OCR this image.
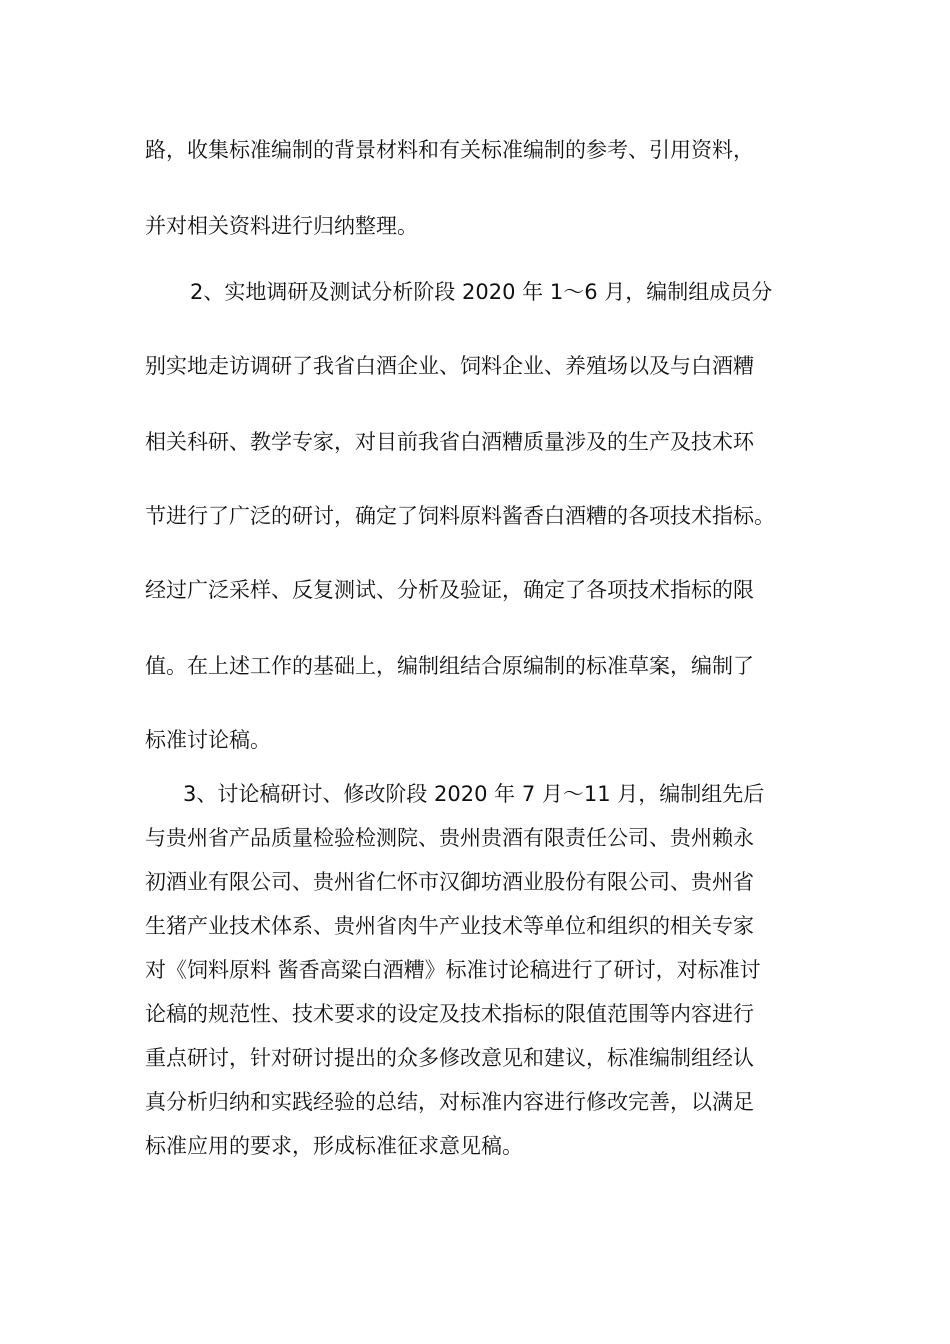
路，收集标准编制的背景材料和有关标准编制的参考、引用资料，
并对相关资料进行归纳整理。
2、实地调研及测试分析阶段 2020 年 1～6 月，编制组成员分
别实地走访调研了我省白酒企业、饲料企业、养殖场以及与白酒糟
相关科研、教学专家，对目前我省白酒糟质量涉及的生产及技术环
节进行了广泛的研讨，确定了饲料原料酱香白酒糟的各项技术指标。
经过广泛采样、反复测试、分析及验证，确定了各项技术指标的限
值。在上述工作的基础上，编制组结合原编制的标准草案，编制了
标准讨论稿。
3、讨论稿研讨、修改阶段 2020 年 7 月～11 月，编制组先后
与贵州省产品质量检验检测院、贵州贵酒有限责任公司、贵州赖永
初酒业有限公司、贵州省仁怀市汉御坊酒业股份有限公司、贵州省
生猪产业技术体系、贵州省肉牛产业技术等单位和组织的相关专家
对《饲料原料 酱香高粱白酒糟》标准讨论稿进行了研讨，对标准讨
论稿的规范性、技术要求的设定及技术指标的限值范围等内容进行
重点研讨，针对研讨提出的众多修改意见和建议，标准编制组经认
真分析归纳和实践经验的总结，对标准内容进行修改完善，以满足
标准应用的要求，形成标准征求意见稿。
